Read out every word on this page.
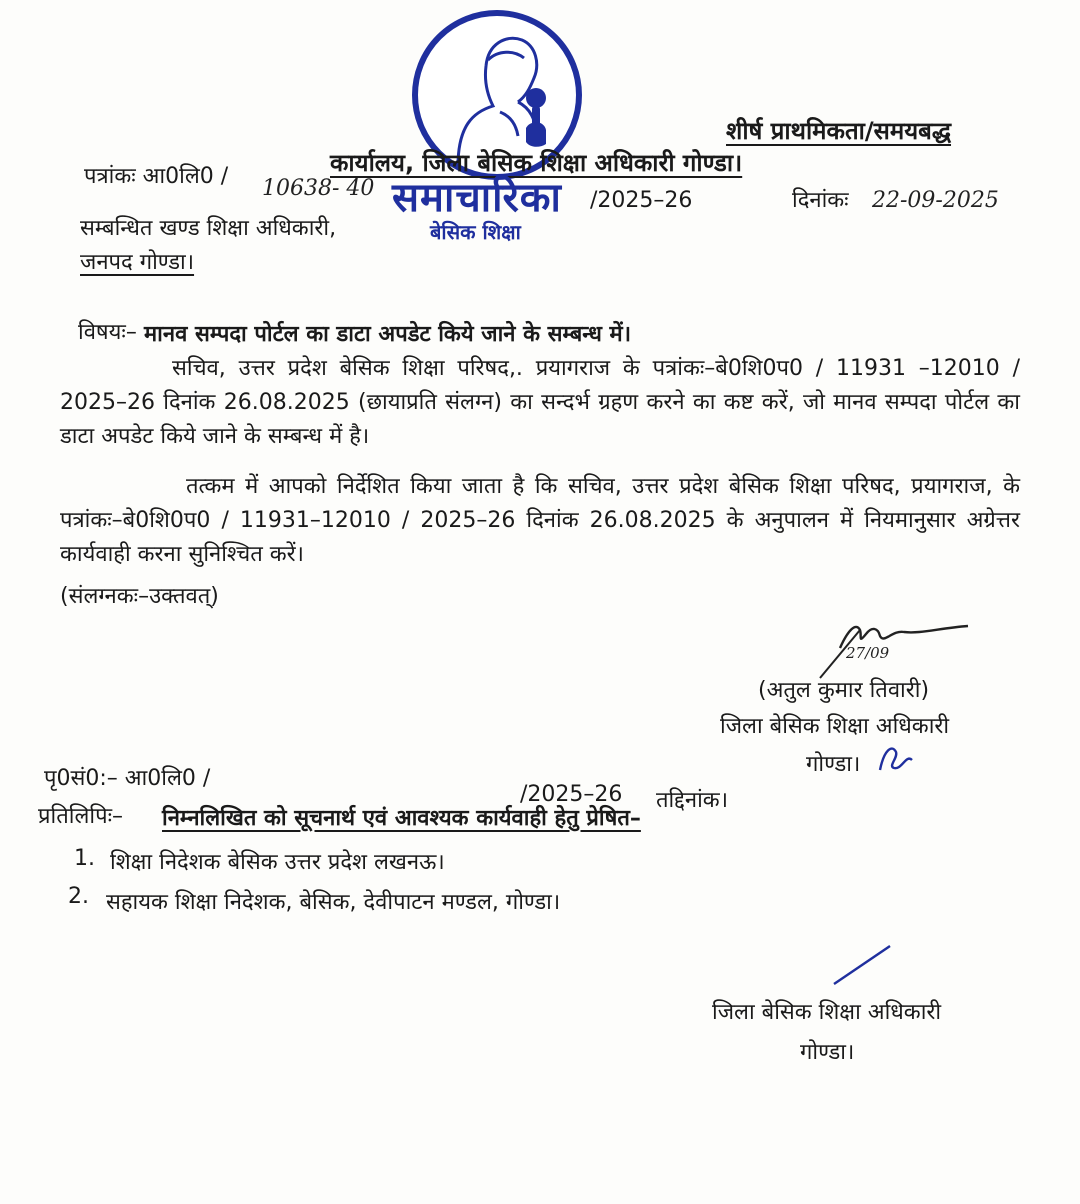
शीर्ष प्राथमिकता/समयबद्ध
कार्यालय, जिला बेसिक शिक्षा अधिकारी गोण्डा।
पत्रांकः आ0लि0 / 10638- 40	/2025–26	दिनांकः 22-09-2025
समाचारिका
बेसिक शिक्षा
सम्बन्धित खण्ड शिक्षा अधिकारी,
जनपद गोण्डा।
विषयः– मानव सम्पदा पोर्टल का डाटा अपडेट किये जाने के सम्बन्ध में।
सचिव, उत्तर प्रदेश बेसिक शिक्षा परिषद,. प्रयागराज के पत्रांकः–बे0शि0प0 / 11931 –12010 / 2025–26 दिनांक 26.08.2025 (छायाप्रति संलग्न) का सन्दर्भ ग्रहण करने का कष्ट करें, जो मानव सम्पदा पोर्टल का डाटा अपडेट किये जाने के सम्बन्ध में है।
तत्कम में आपको निर्देशित किया जाता है कि सचिव, उत्तर प्रदेश बेसिक शिक्षा परिषद, प्रयागराज, के पत्रांकः–बे0शि0प0 / 11931–12010 / 2025–26 दिनांक 26.08.2025 के अनुपालन में नियमानुसार अग्रेत्तर कार्यवाही करना सुनिश्चित करें।
(संलग्नकः–उक्तवत्)
27/09
(अतुल कुमार तिवारी)
जिला बेसिक शिक्षा अधिकारी
गोण्डा।
पृ0सं0:– आ0लि0 /
/2025–26 तद्दिनांक।
प्रतिलिपिः– निम्नलिखित को सूचनार्थ एवं आवश्यक कार्यवाही हेतु प्रेषित–
1. शिक्षा निदेशक बेसिक उत्तर प्रदेश लखनऊ।
2. सहायक शिक्षा निदेशक, बेसिक, देवीपाटन मण्डल, गोण्डा।
जिला बेसिक शिक्षा अधिकारी
गोण्डा।
